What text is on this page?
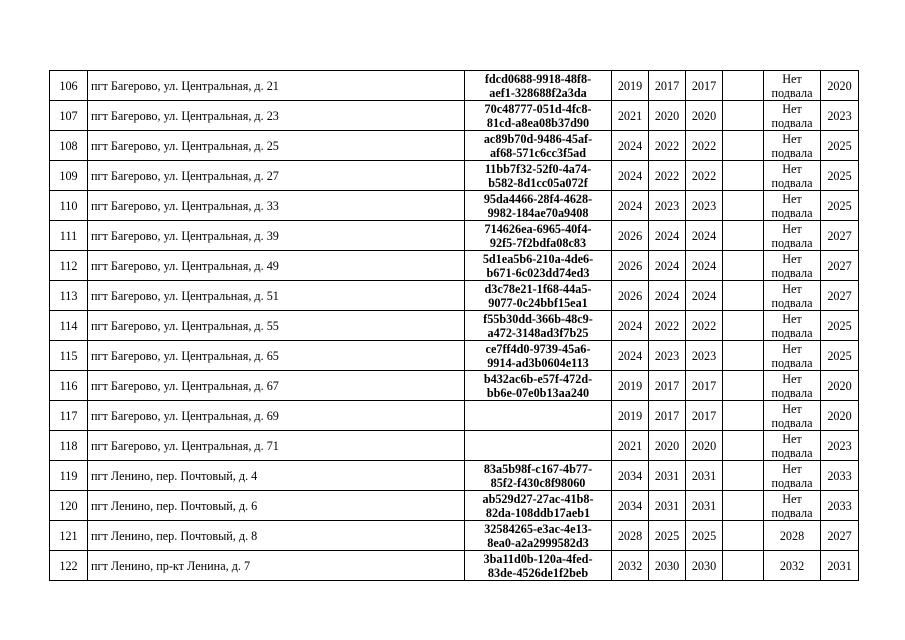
106	пгт Багерово, ул. Центральная, д. 21	fdcd0688-9918-48f8-
aef1-328688f2a3da	2019	2017	2017		Нет
подвала	2020
107	пгт Багерово, ул. Центральная, д. 23	70c48777-051d-4fc8-
81cd-a8ea08b37d90	2021	2020	2020		Нет
подвала	2023
108	пгт Багерово, ул. Центральная, д. 25	ac89b70d-9486-45af-
af68-571c6cc3f5ad	2024	2022	2022		Нет
подвала	2025
109	пгт Багерово, ул. Центральная, д. 27	11bb7f32-52f0-4a74-
b582-8d1cc05a072f	2024	2022	2022		Нет
подвала	2025
110	пгт Багерово, ул. Центральная, д. 33	95da4466-28f4-4628-
9982-184ae70a9408	2024	2023	2023		Нет
подвала	2025
111	пгт Багерово, ул. Центральная, д. 39	714626ea-6965-40f4-
92f5-7f2bdfa08c83	2026	2024	2024		Нет
подвала	2027
112	пгт Багерово, ул. Центральная, д. 49	5d1ea5b6-210a-4de6-
b671-6c023dd74ed3	2026	2024	2024		Нет
подвала	2027
113	пгт Багерово, ул. Центральная, д. 51	d3c78e21-1f68-44a5-
9077-0c24bbf15ea1	2026	2024	2024		Нет
подвала	2027
114	пгт Багерово, ул. Центральная, д. 55	f55b30dd-366b-48c9-
a472-3148ad3f7b25	2024	2022	2022		Нет
подвала	2025
115	пгт Багерово, ул. Центральная, д. 65	ce7ff4d0-9739-45a6-
9914-ad3b0604e113	2024	2023	2023		Нет
подвала	2025
116	пгт Багерово, ул. Центральная, д. 67	b432ac6b-e57f-472d-
bb6e-07e0b13aa240	2019	2017	2017		Нет
подвала	2020
117	пгт Багерово, ул. Центральная, д. 69		2019	2017	2017		Нет
подвала	2020
118	пгт Багерово, ул. Центральная, д. 71		2021	2020	2020		Нет
подвала	2023
119	пгт Ленино, пер. Почтовый, д. 4	83a5b98f-c167-4b77-
85f2-f430c8f98060	2034	2031	2031		Нет
подвала	2033
120	пгт Ленино, пер. Почтовый, д. 6	ab529d27-27ac-41b8-
82da-108ddb17aeb1	2034	2031	2031		Нет
подвала	2033
121	пгт Ленино, пер. Почтовый, д. 8	32584265-e3ac-4e13-
8ea0-a2a2999582d3	2028	2025	2025		2028	2027
122	пгт Ленино, пр-кт Ленина, д. 7	3ba11d0b-120a-4fed-
83de-4526de1f2beb	2032	2030	2030		2032	2031
